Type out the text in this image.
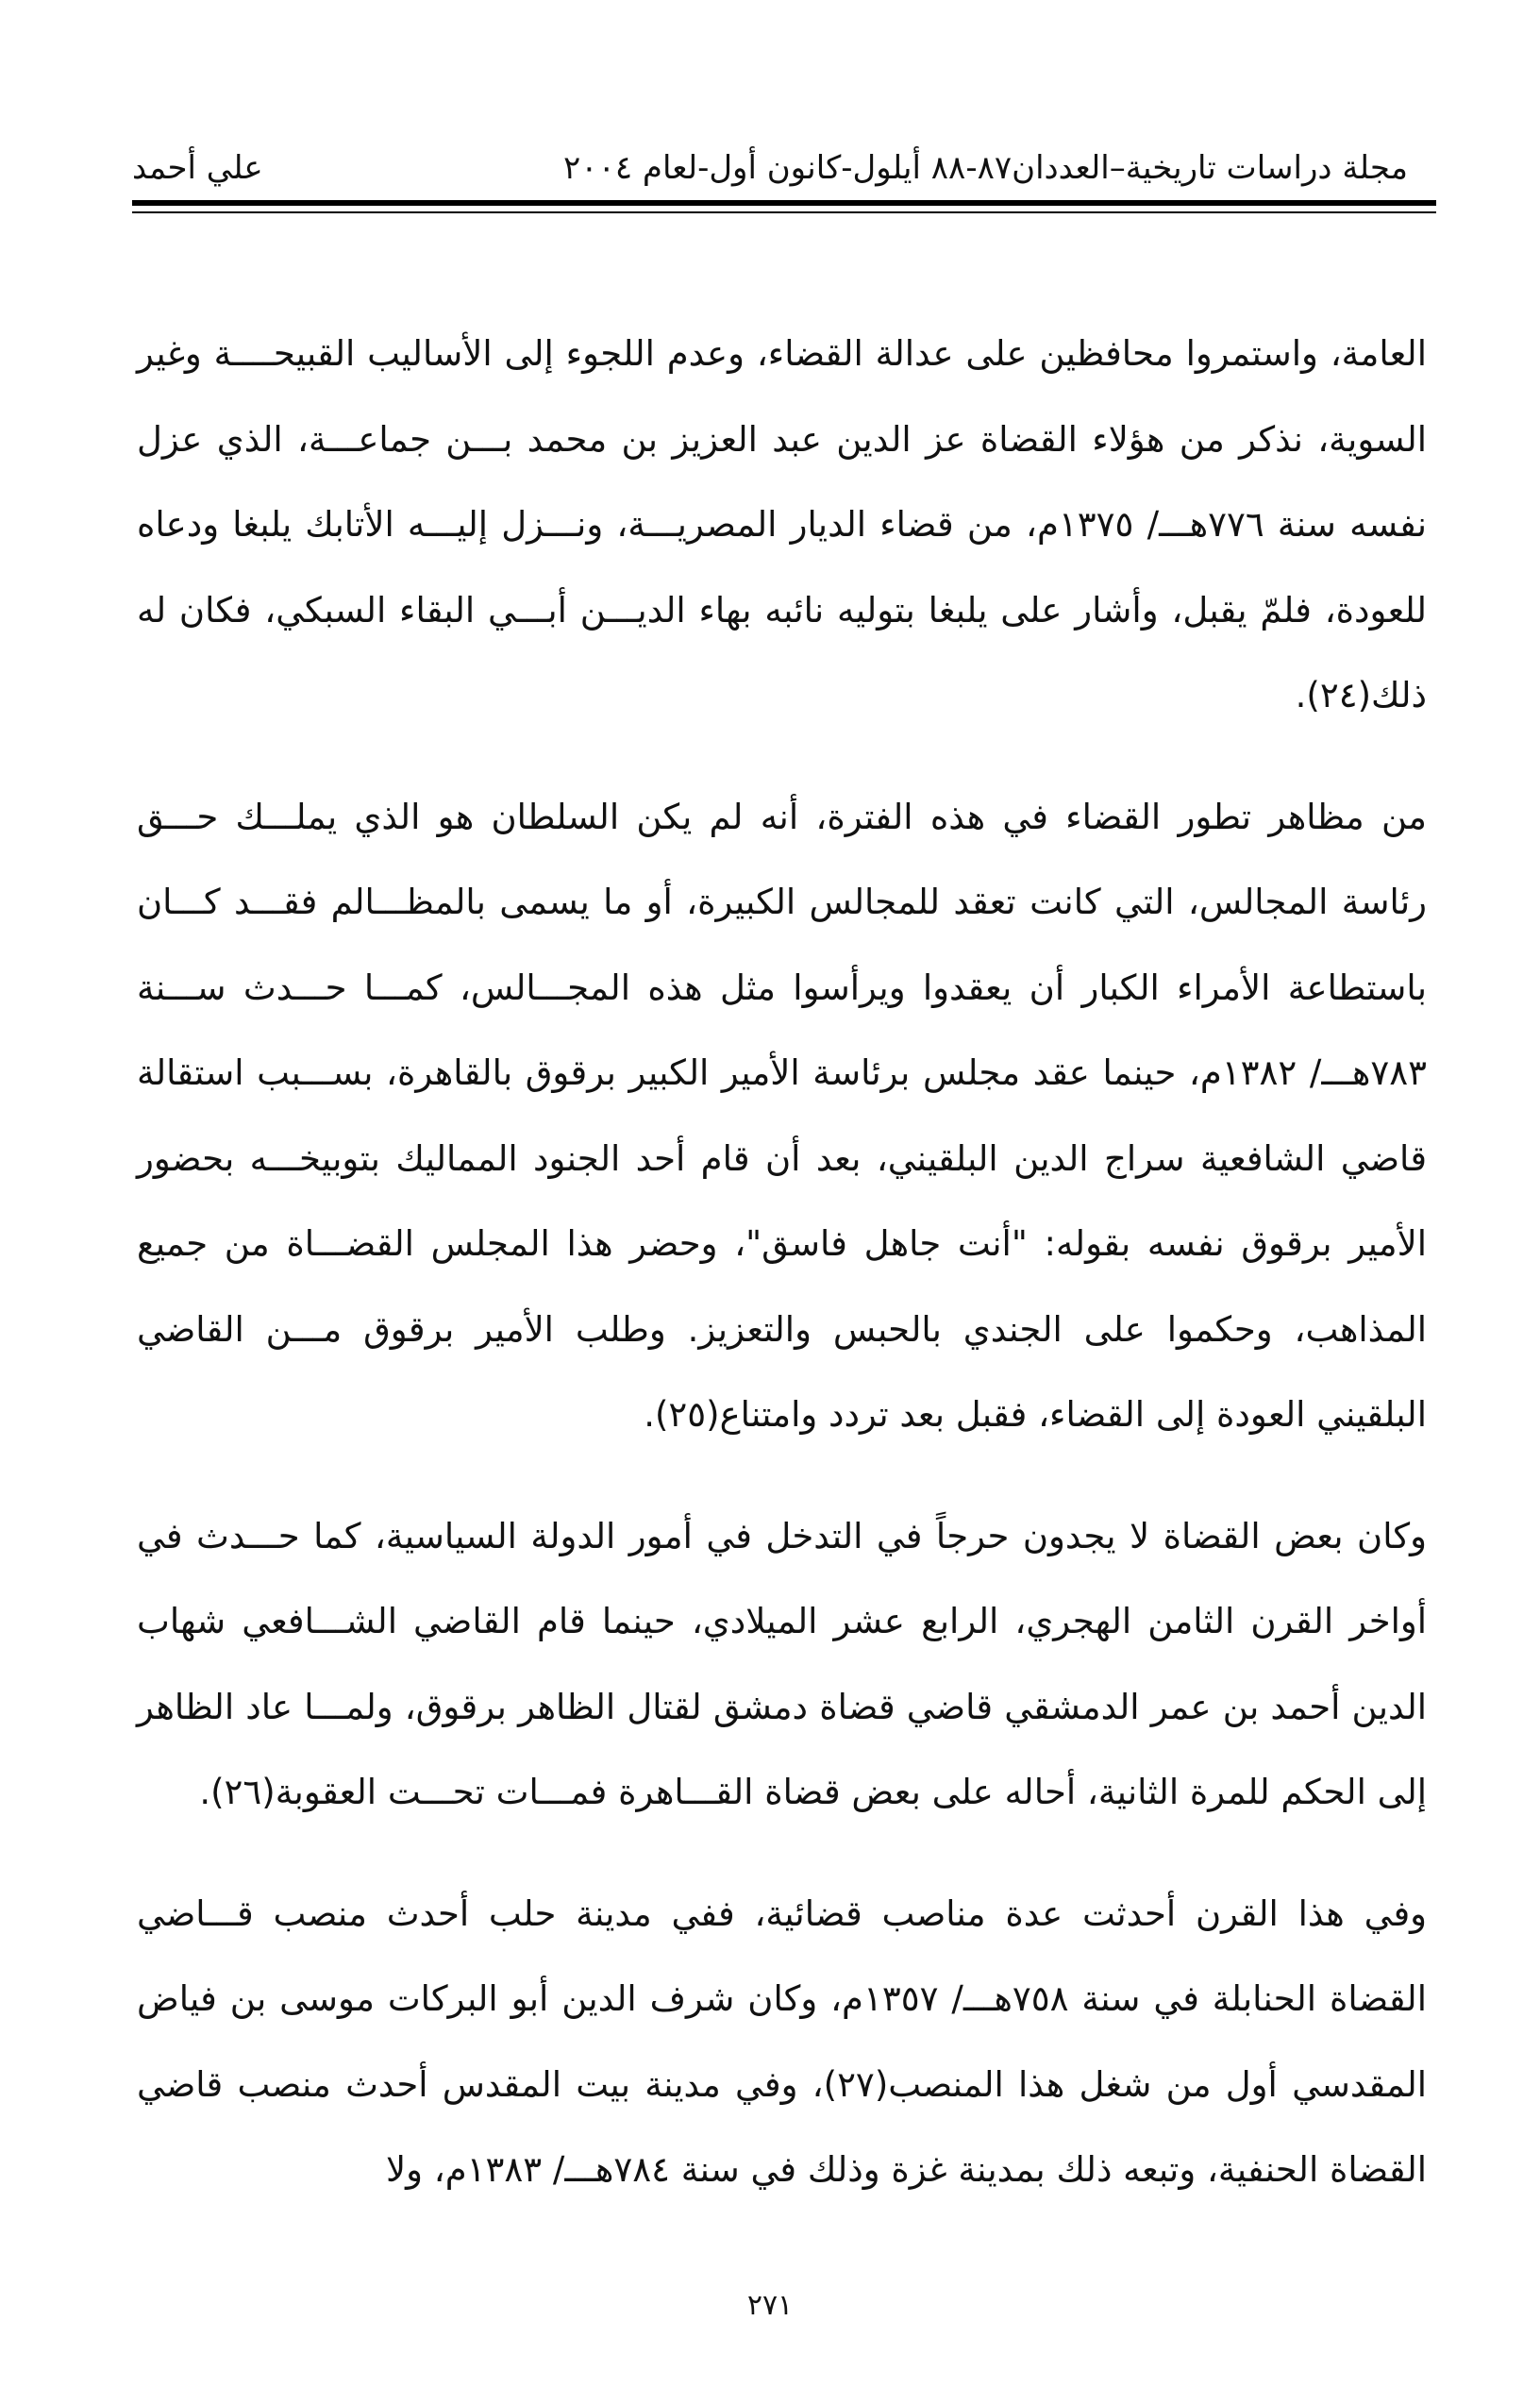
مجلة دراسات تاريخية–العددان٨٧-٨٨ أيلول-كانون أول-لعام ٢٠٠٤
علي أحمد

العامة، واستمروا محافظين على عدالة القضاء، وعدم اللجوء إلى الأساليب القبيحــــة وغير السوية، نذكر من هؤلاء القضاة عز الدين عبد العزيز بن محمد بـــن جماعـــة، الذي عزل نفسه سنة ٧٧٦هـــ/ ١٣٧٥م، من قضاء الديار المصريـــة، ونـــزل إليـــه الأتابك يلبغا ودعاه للعودة، فلمّ يقبل، وأشار على يلبغا بتوليه نائبه بهاء الديـــن أبـــي البقاء السبكي، فكان له ذلك(٢٤).

من مظاهر تطور القضاء في هذه الفترة، أنه لم يكن السلطان هو الذي يملـــك حـــق رئاسة المجالس، التي كانت تعقد للمجالس الكبيرة، أو ما يسمى بالمظـــالم فقـــد كـــان باستطاعة الأمراء الكبار أن يعقدوا ويرأسوا مثل هذه المجـــالس، كمـــا حـــدث ســـنة ٧٨٣هـــ/ ١٣٨٢م، حينما عقد مجلس برئاسة الأمير الكبير برقوق بالقاهرة، بســـبب استقالة قاضي الشافعية سراج الدين البلقيني، بعد أن قام أحد الجنود المماليك بتوبيخـــه بحضور الأمير برقوق نفسه بقوله: "أنت جاهل فاسق"، وحضر هذا المجلس القضـــاة من جميع المذاهب، وحكموا على الجندي بالحبس والتعزيز. وطلب الأمير برقوق مـــن القاضي البلقيني العودة إلى القضاء، فقبل بعد تردد وامتناع(٢٥).

وكان بعض القضاة لا يجدون حرجاً في التدخل في أمور الدولة السياسية، كما حـــدث في أواخر القرن الثامن الهجري، الرابع عشر الميلادي، حينما قام القاضي الشـــافعي شهاب الدين أحمد بن عمر الدمشقي قاضي قضاة دمشق لقتال الظاهر برقوق، ولمـــا عاد الظاهر إلى الحكم للمرة الثانية، أحاله على بعض قضاة القـــاهرة فمـــات تحـــت العقوبة(٢٦).

وفي هذا القرن أحدثت عدة مناصب قضائية، ففي مدينة حلب أحدث منصب قـــاضي القضاة الحنابلة في سنة ٧٥٨هـــ/ ١٣٥٧م، وكان شرف الدين أبو البركات موسى بن فياض المقدسي أول من شغل هذا المنصب(٢٧)، وفي مدينة بيت المقدس أحدث منصب قاضي القضاة الحنفية، وتبعه ذلك بمدينة غزة وذلك في سنة ٧٨٤هـــ/ ١٣٨٣م، ولا

٢٧١
